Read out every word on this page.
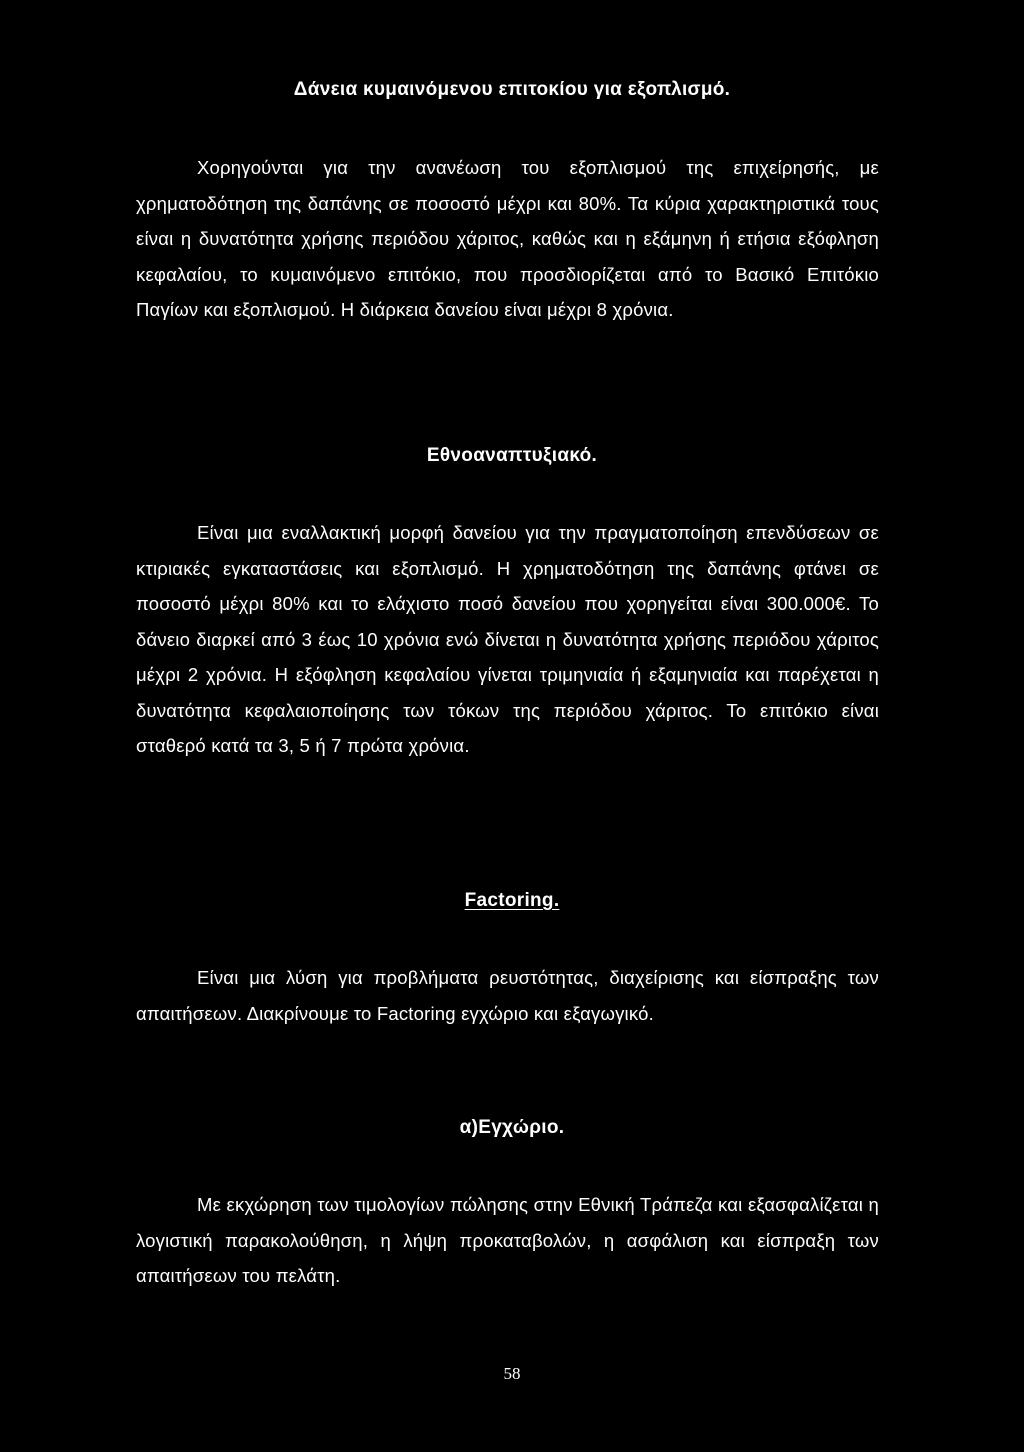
Δάνεια κυμαινόμενου επιτοκίου για εξοπλισμό.

Χορηγούνται για την ανανέωση του εξοπλισμού της επιχείρησής, με χρηματοδότηση της δαπάνης σε ποσοστό μέχρι και 80%. Τα κύρια χαρακτηριστικά τους είναι η δυνατότητα χρήσης περιόδου χάριτος, καθώς και η εξάμηνη ή ετήσια εξόφληση κεφαλαίου, το κυμαινόμενο επιτόκιο, που προσδιορίζεται από το Βασικό Επιτόκιο Παγίων και εξοπλισμού. Η διάρκεια δανείου είναι μέχρι 8 χρόνια.

Εθνοαναπτυξιακό.

Είναι μια εναλλακτική μορφή δανείου για την πραγματοποίηση επενδύσεων σε κτιριακές εγκαταστάσεις και εξοπλισμό. Η χρηματοδότηση της δαπάνης φτάνει σε ποσοστό μέχρι 80% και το ελάχιστο ποσό δανείου που χορηγείται είναι 300.000€. Το δάνειο διαρκεί από 3 έως 10 χρόνια ενώ δίνεται η δυνατότητα χρήσης περιόδου χάριτος μέχρι 2 χρόνια. Η εξόφληση κεφαλαίου γίνεται τριμηνιαία ή εξαμηνιαία και παρέχεται η δυνατότητα κεφαλαιοποίησης των τόκων της περιόδου χάριτος. Το επιτόκιο είναι σταθερό κατά τα 3, 5 ή 7 πρώτα χρόνια.

Factoring.

Είναι μια λύση για προβλήματα ρευστότητας, διαχείρισης και είσπραξης των απαιτήσεων. Διακρίνουμε το Factoring εγχώριο και εξαγωγικό.

α)Εγχώριο.

Με εκχώρηση των τιμολογίων πώλησης στην Εθνική Τράπεζα και εξασφαλίζεται η λογιστική παρακολούθηση, η λήψη προκαταβολών, η ασφάλιση και είσπραξη των απαιτήσεων του πελάτη.

58
